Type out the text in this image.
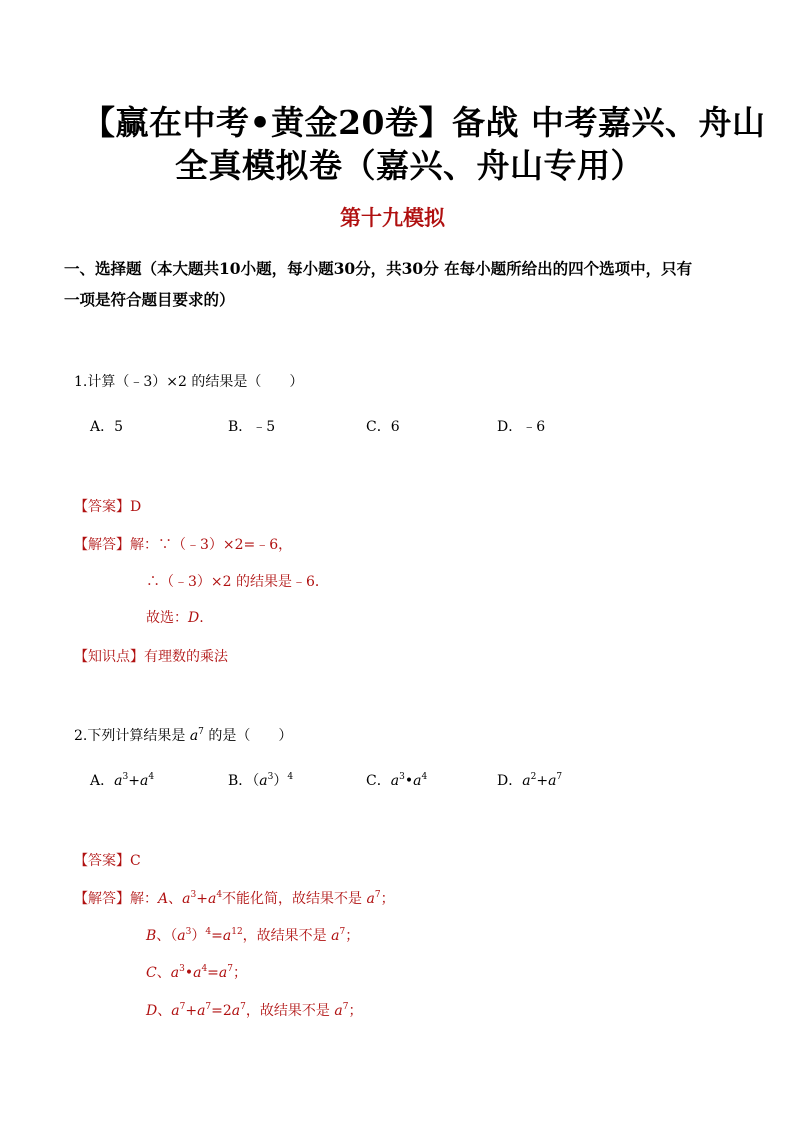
【赢在中考•黄金20卷】备战 中考嘉兴、舟山
全真模拟卷（嘉兴、舟山专用）
第十九模拟
一、选择题（本大题共10小题，每小题30分，共30分 在每小题所给出的四个选项中，只有
一项是符合题目要求的）
1.计算（﹣3）×2 的结果是（　　）
A．5	B．﹣5	C．6	D．﹣6
【答案】D
【解答】解：∵（﹣3）×2=﹣6，
∴（﹣3）×2 的结果是﹣6．
故选：D.
【知识点】有理数的乘法
2.下列计算结果是 $a^7$ 的是（　　）
A．$a^3+a^4$	B．$(a^3)^4$	C．$a^3•a^4$	D．$a^2+a^7$
【答案】C
【解答】解：A、$a^3+a^4$不能化简，故结果不是 $a^7$；
B、$(a^3)^4=a^{12}$，故结果不是 $a^7$；
C、$a^3•a^4=a^7$；
D、$a^7+a^7=2a^7$，故结果不是 $a^7$；
